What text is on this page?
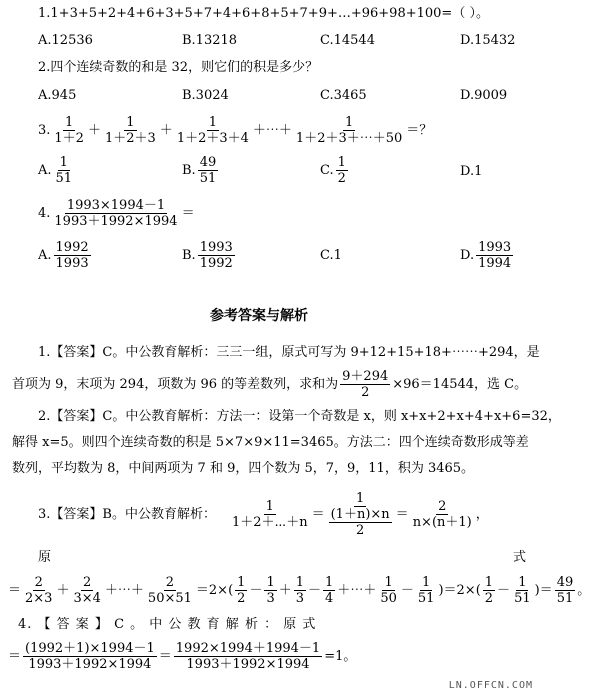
1.1+3+5+2+4+6+3+5+7+4+6+8+5+7+9+…+96+98+100=（ ）。
A.12536	B.13218	C.14544	D.15432
2.四个连续奇数的和是 32，则它们的积是多少？
A.945	B.3024	C.3465	D.9009
3. $\frac{1}{1+2} + \frac{1}{1+2+3} + \frac{1}{1+2+3+4}$ ＋⋯＋ $\frac{1}{1+2+3+\cdots+50}$ ＝？
A. $\frac{1}{51}$	B. $\frac{49}{51}$	C. $\frac{1}{2}$	D.1
4. $\frac{1993\times 1994-1}{1993+1992\times 1994}$ ＝
A. $\frac{1992}{1993}$	B. $\frac{1993}{1992}$	C.1	D. $\frac{1993}{1994}$
参考答案与解析
1.【答案】C。中公教育解析：三三一组，原式可写为 9+12+15+18+⋯⋯+294，是
首项为 9，末项为 294，项数为 96 的等差数列，求和为 $\frac{9+294}{2} \times 96=14544$，选 C。
2.【答案】C。中公教育解析：方法一：设第一个奇数是 x，则 x+x+2+x+4+x+6=32，
解得 x=5。则四个连续奇数的积是 5×7×9×11=3465。方法二：四个连续奇数形成等差
数列，平均数为 8，中间两项为 7 和 9，四个数为 5，7，9，11，积为 3465。
3.【答案】B。中公教育解析： $\frac{1}{1+2+\cdots+n} = \frac{1}{\frac{(1+n)\times n}{2}} = \frac{2}{n\times(n+1)}$ ，
原	式
＝ $\frac{2}{2\times 3} + \frac{2}{3\times 4}$ ＋⋯＋ $\frac{2}{50\times 51} =2\times( \frac{1}{2} - \frac{1}{3} + \frac{1}{3} - \frac{1}{4}$ ＋⋯＋ $\frac{1}{50} - \frac{1}{51} )=2\times( \frac{1}{2} - \frac{1}{51}$ )＝ $\frac{49}{51}$ 。
4. 【 答 案 】 C 。 中 公 教 育 解 析 ： 原 式
＝ $\frac{(1992+1)\times 1994-1}{1993+1992\times 1994} = \frac{1992\times 1994+1994-1}{1993+1992\times 1994} =1$。
LN.OFFCN.COM
